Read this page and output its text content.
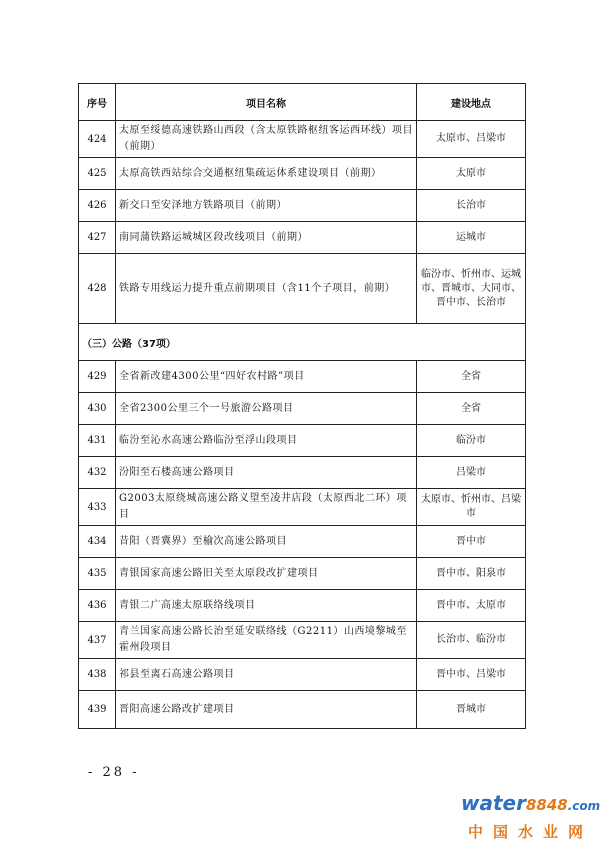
序号	项目名称	建设地点
424	太原至绥德高速铁路山西段（含太原铁路枢纽客运西环线）项目（前期）	太原市、吕梁市
425	太原高铁西站综合交通枢纽集疏运体系建设项目（前期）	太原市
426	新交口至安泽地方铁路项目（前期）	长治市
427	南同蒲铁路运城城区段改线项目（前期）	运城市
428	铁路专用线运力提升重点前期项目（含11个子项目，前期）	临汾市、忻州市、运城市、晋城市、大同市、晋中市、长治市
（三）公路（37项）		
429	全省新改建4300公里“四好农村路”项目	全省
430	全省2300公里三个一号旅游公路项目	全省
431	临汾至沁水高速公路临汾至浮山段项目	临汾市
432	汾阳至石楼高速公路项目	吕梁市
433	G2003太原绕城高速公路义望至凌井店段（太原西北二环）项目	太原市、忻州市、吕梁市
434	昔阳（晋冀界）至榆次高速公路项目	晋中市
435	青银国家高速公路旧关至太原段改扩建项目	晋中市、阳泉市
436	青银二广高速太原联络线项目	晋中市、太原市
437	青兰国家高速公路长治至延安联络线（G2211）山西境黎城至霍州段项目	长治市、临汾市
438	祁县至离石高速公路项目	晋中市、吕梁市
439	晋阳高速公路改扩建项目	晋城市
- 28 -
water8848.com
中国水业网
